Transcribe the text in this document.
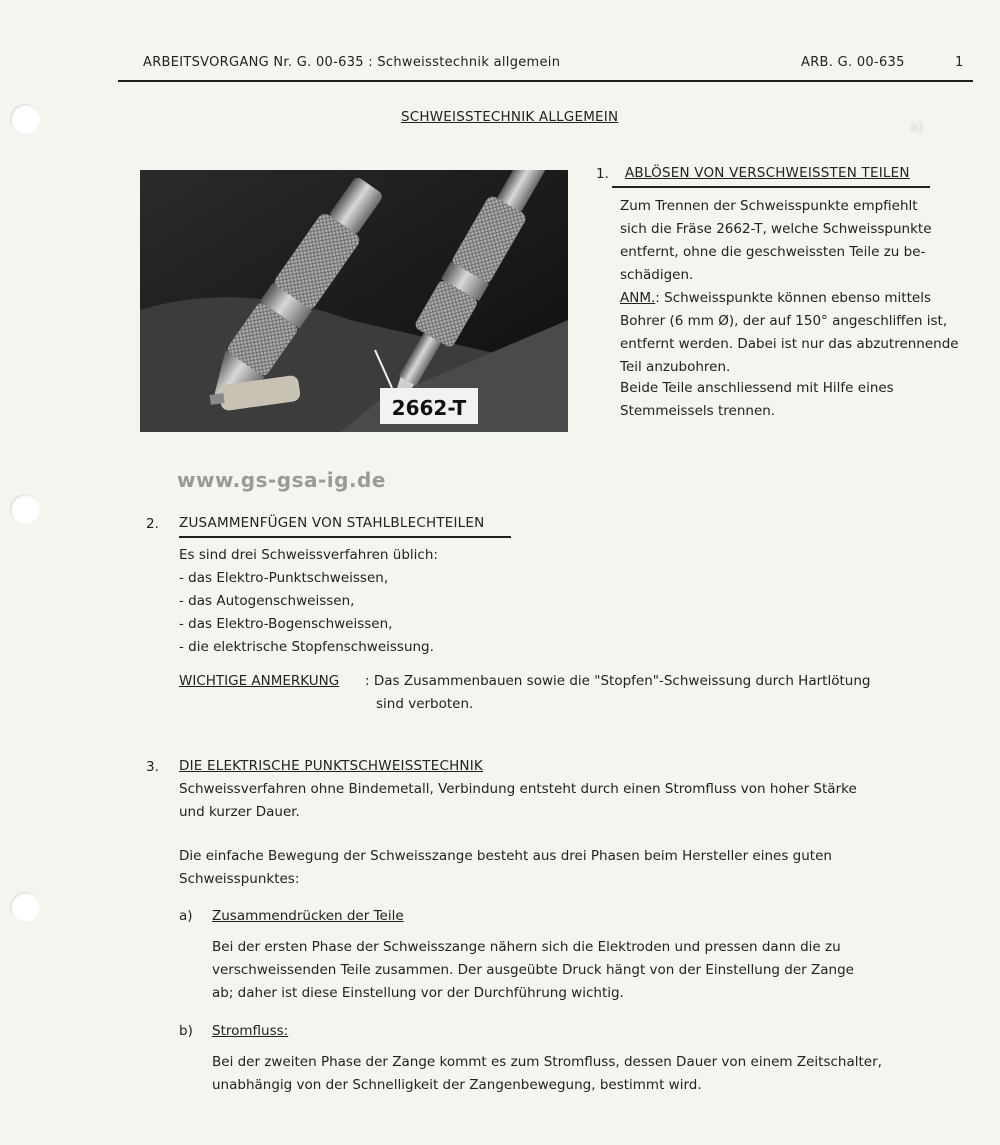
a)

ARBEITSVORGANG Nr. G. 00-635 : Schweisstechnik allgemein	ARB. G. 00-635	1
SCHWEISSTECHNIK ALLGEMEIN
2662-T
1. ABLÖSEN VON VERSCHWEISSTEN TEILEN

Zum Trennen der Schweisspunkte empfiehlt

sich die Fräse 2662-T, welche Schweisspunkte

entfernt, ohne die geschweissten Teile zu be-

schädigen.

ANM.: Schweisspunkte können ebenso mittels

Bohrer (6 mm Ø), der auf 150° angeschliffen ist,

entfernt werden. Dabei ist nur das abzutrennende

Teil anzubohren.

Beide Teile anschliessend mit Hilfe eines

Stemmeissels trennen.

www.gs-gsa-ig.de
2. ZUSAMMENFÜGEN VON STAHLBLECHTEILEN

Es sind drei Schweissverfahren üblich:

- das Elektro-Punktschweissen,

- das Autogenschweissen,

- das Elektro-Bogenschweissen,

- die elektrische Stopfenschweissung.

WICHTIGE ANMERKUNG : Das Zusammenbauen sowie die "Stopfen"-Schweissung durch Hartlötung

sind verboten.

3. DIE ELEKTRISCHE PUNKTSCHWEISSTECHNIK

Schweissverfahren ohne Bindemetall, Verbindung entsteht durch einen Stromfluss von hoher Stärke

und kurzer Dauer.

Die einfache Bewegung der Schweisszange besteht aus drei Phasen beim Hersteller eines guten

Schweisspunktes:

a) Zusammendrücken der Teile

Bei der ersten Phase der Schweisszange nähern sich die Elektroden und pressen dann die zu

verschweissenden Teile zusammen. Der ausgeübte Druck hängt von der Einstellung der Zange

ab; daher ist diese Einstellung vor der Durchführung wichtig.

b) Stromfluss:

Bei der zweiten Phase der Zange kommt es zum Stromfluss, dessen Dauer von einem Zeitschalter,

unabhängig von der Schnelligkeit der Zangenbewegung, bestimmt wird.
